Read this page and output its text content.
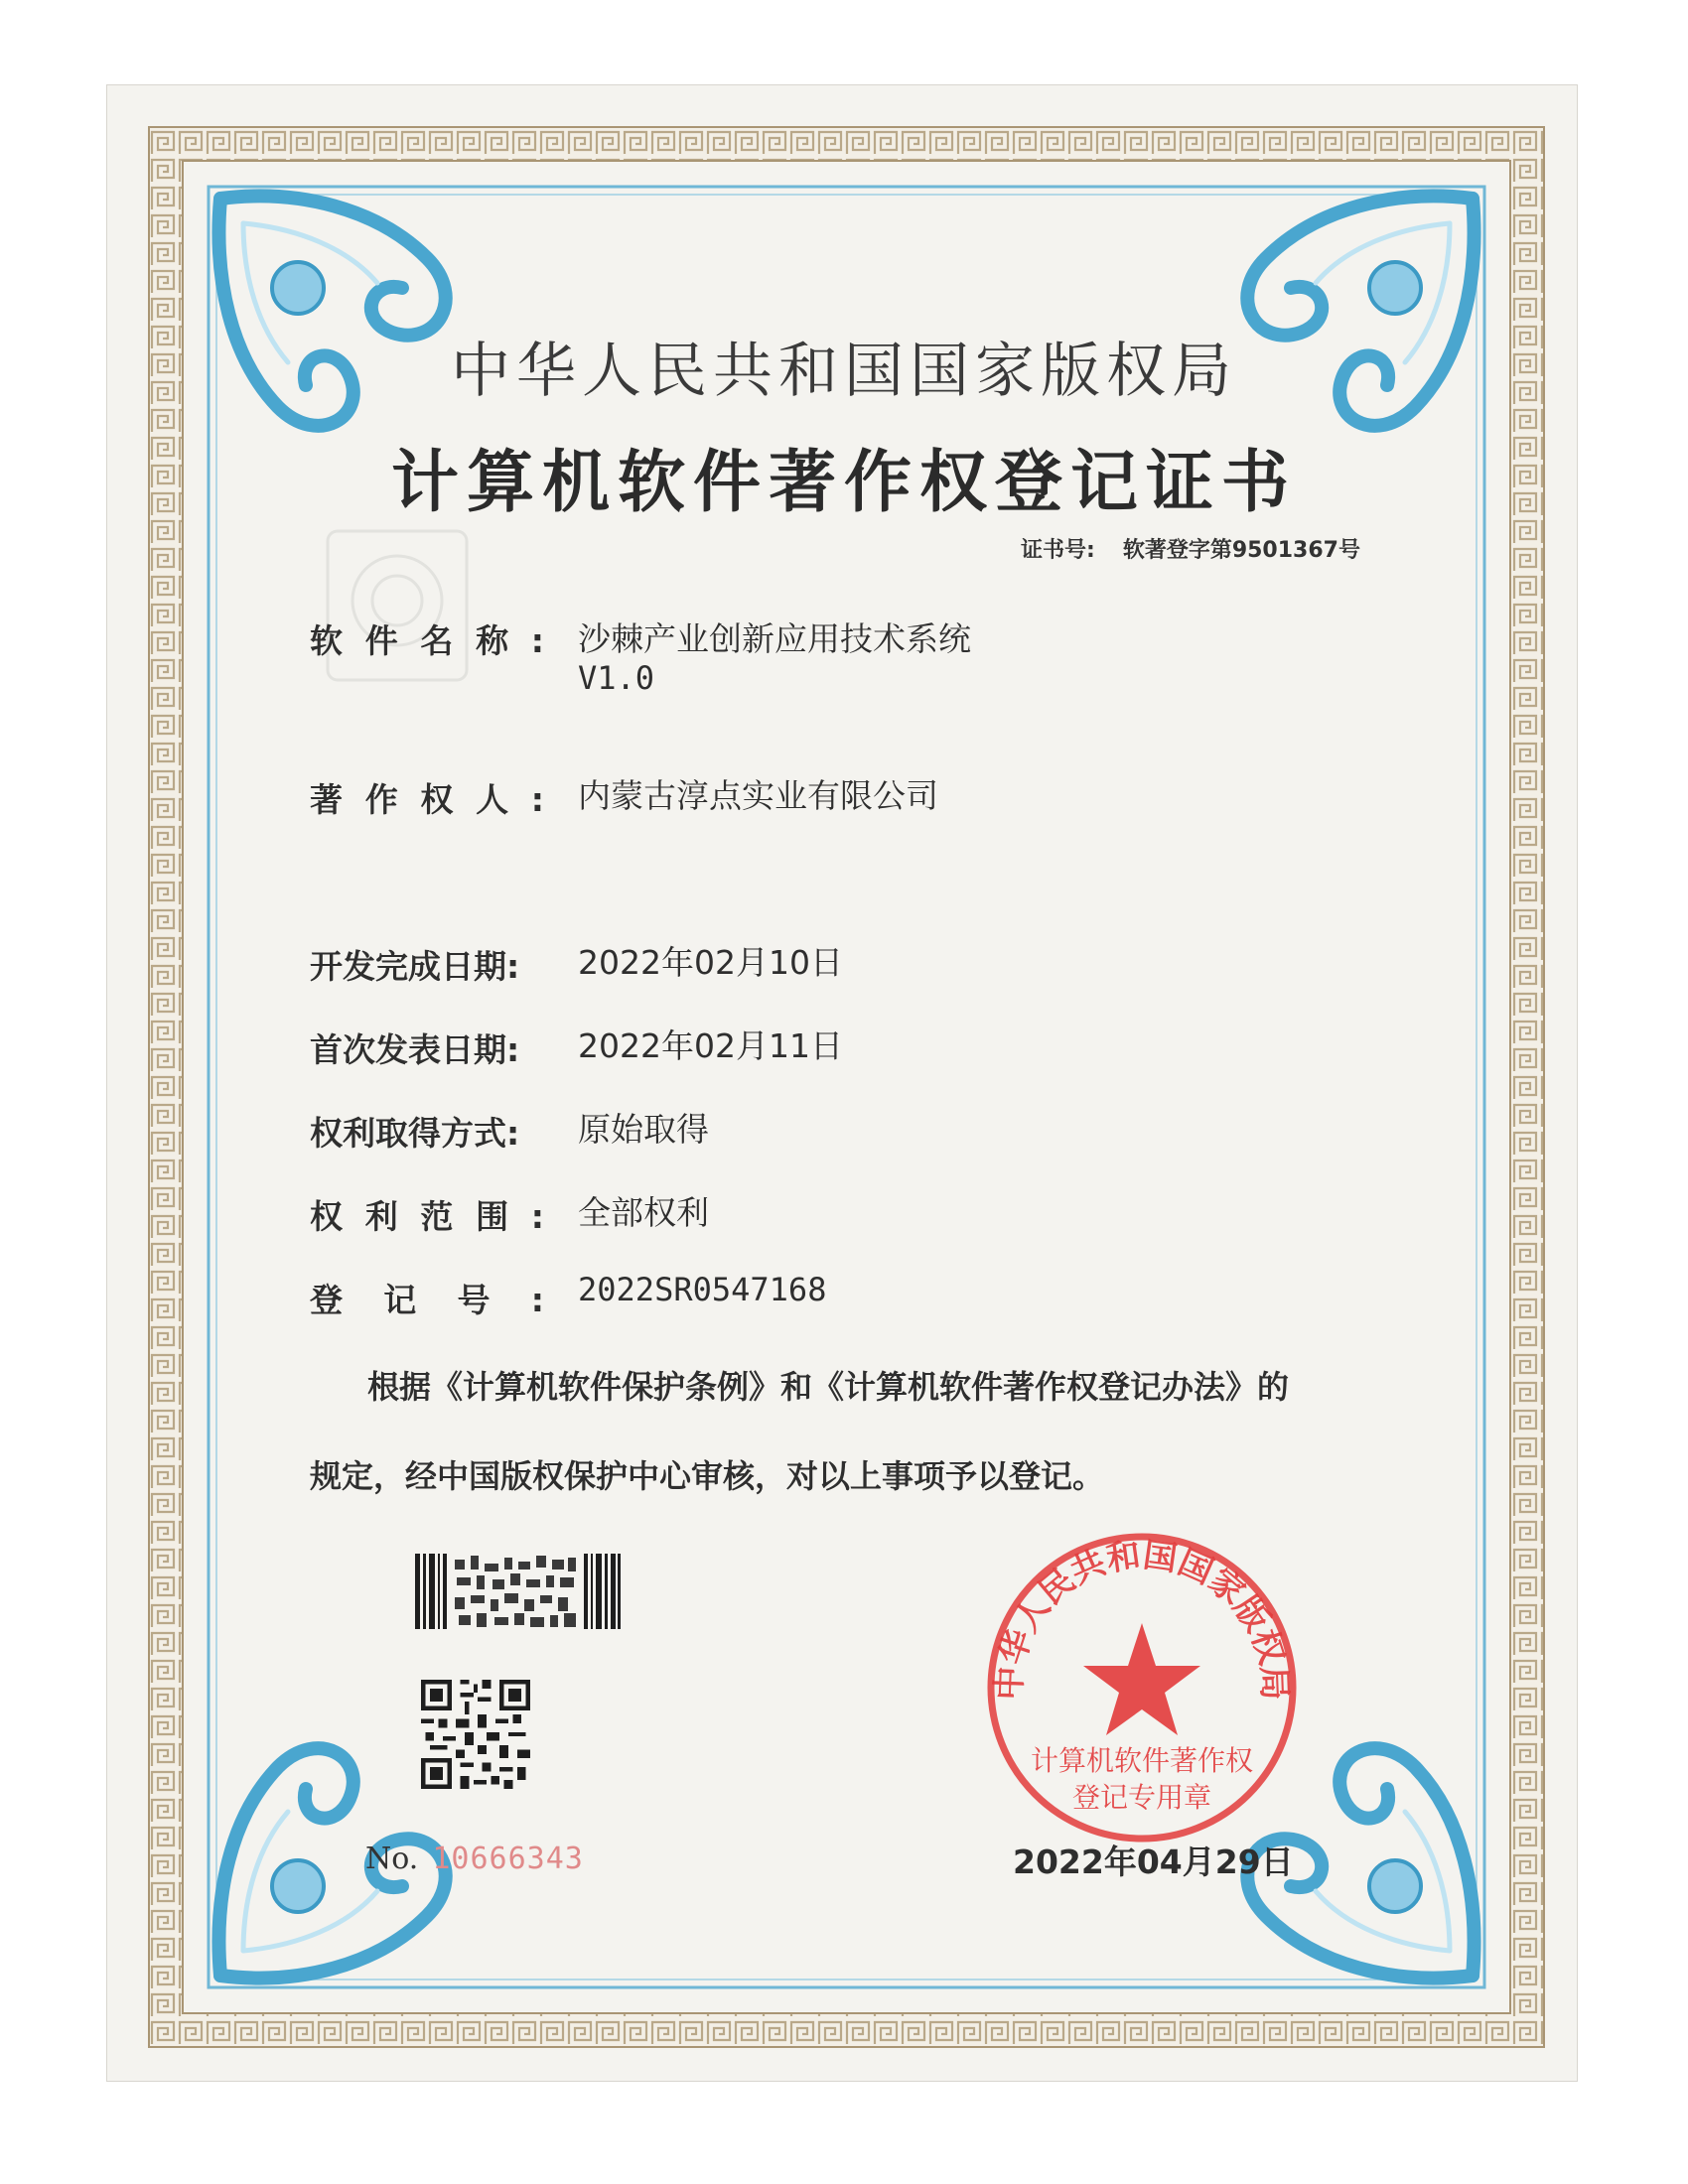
中华人民共和国国家版权局
计算机软件著作权登记证书
证书号: 软著登字第9501367号
软件名称: 沙棘产业创新应用技术系统
V1.0
著作权人: 内蒙古淳点实业有限公司
开发完成日期:	2022年02月10日
首次发表日期:	2022年02月11日
权利取得方式:	原始取得
权利范围: 全部权利
登记号: 2022SR0547168
根据《计算机软件保护条例》和《计算机软件著作权登记办法》的
规定，经中国版权保护中心审核，对以上事项予以登记。
No. 10666343
中华人民共和国国家版权局
计算机软件著作权
登记专用章
2022年04月29日
